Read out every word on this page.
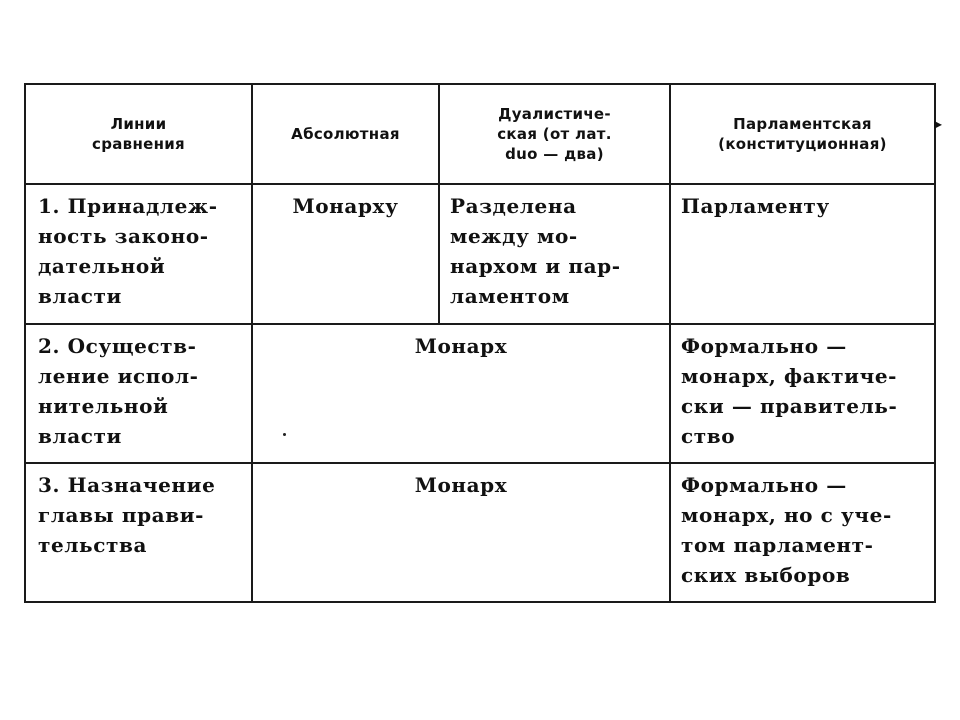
Линии
сравнения	Абсолютная	Дуалистиче-
ская (от лат.
duo — два)	Парламентская
(конституционная)

1. Принадлеж-
ность законо-
дательной
власти	Монарху	Разделена
между мо-
нархом и пар-
ламентом	Парламенту

2. Осуществ-
ление испол-
нительной
власти	Монарх		Формально —
монарх, фактиче-
ски — правитель-
ство

3. Назначение
главы прави-
тельства	Монарх		Формально —
монарх, но с уче-
том парламент-
ских выборов
▸
